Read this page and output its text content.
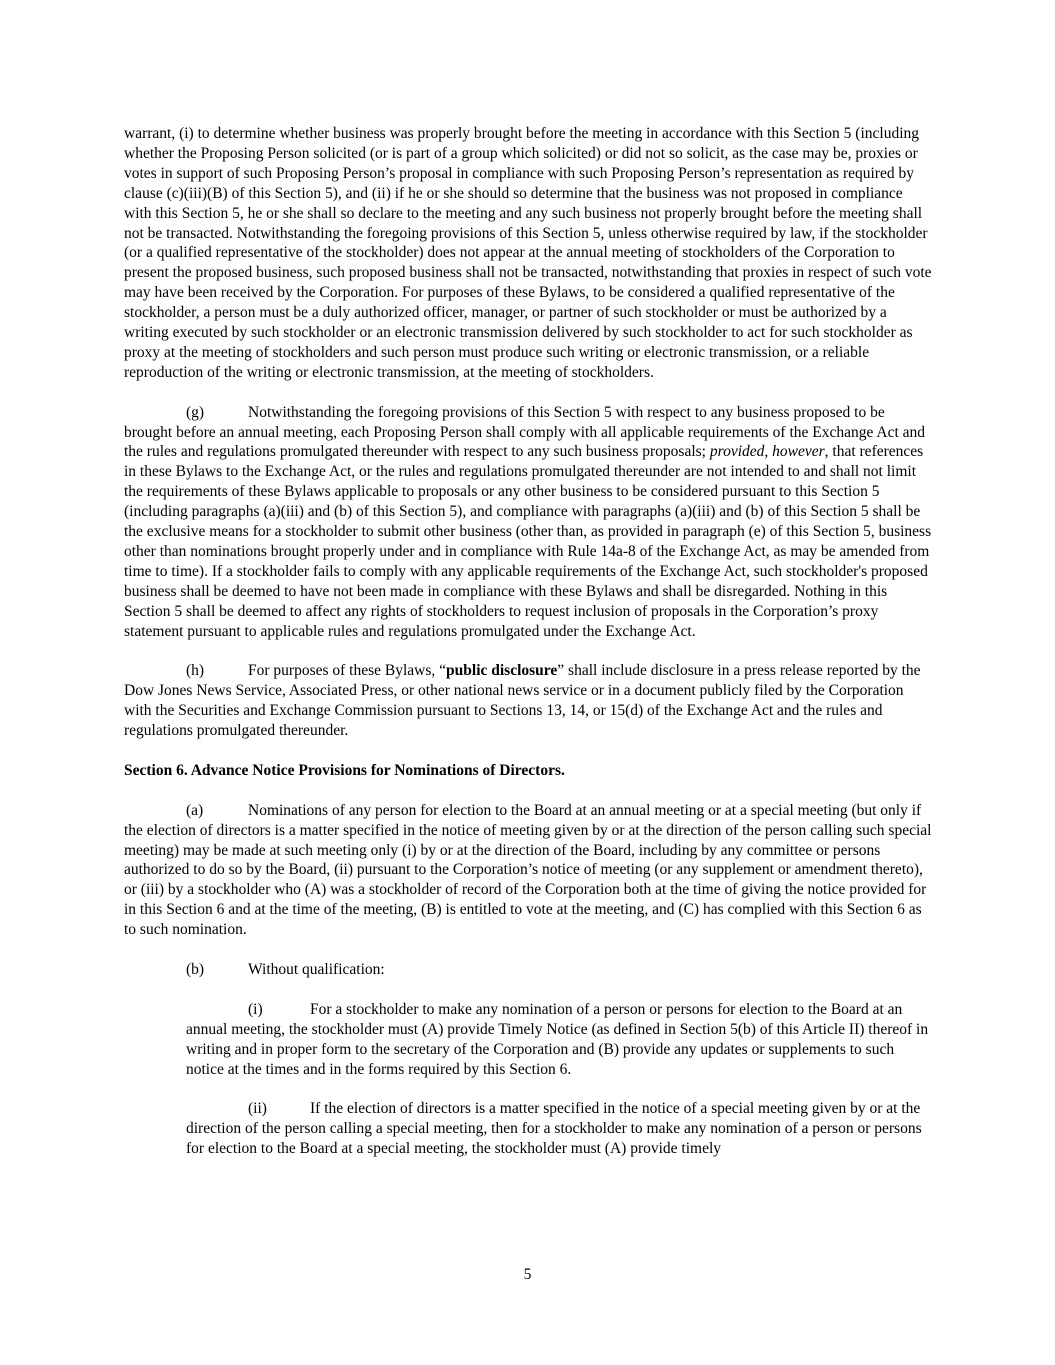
warrant, (i) to determine whether business was properly brought before the meeting in accordance with this Section 5 (including whether the Proposing Person solicited (or is part of a group which solicited) or did not so solicit, as the case may be, proxies or votes in support of such Proposing Person’s proposal in compliance with such Proposing Person’s representation as required by clause (c)(iii)(B) of this Section 5), and (ii) if he or she should so determine that the business was not proposed in compliance with this Section 5, he or she shall so declare to the meeting and any such business not properly brought before the meeting shall not be transacted. Notwithstanding the foregoing provisions of this Section 5, unless otherwise required by law, if the stockholder (or a qualified representative of the stockholder) does not appear at the annual meeting of stockholders of the Corporation to present the proposed business, such proposed business shall not be transacted, notwithstanding that proxies in respect of such vote may have been received by the Corporation. For purposes of these Bylaws, to be considered a qualified representative of the stockholder, a person must be a duly authorized officer, manager, or partner of such stockholder or must be authorized by a writing executed by such stockholder or an electronic transmission delivered by such stockholder to act for such stockholder as proxy at the meeting of stockholders and such person must produce such writing or electronic transmission, or a reliable reproduction of the writing or electronic transmission, at the meeting of stockholders.

(g)	Notwithstanding the foregoing provisions of this Section 5 with respect to any business proposed to be brought before an annual meeting, each Proposing Person shall comply with all applicable requirements of the Exchange Act and the rules and regulations promulgated thereunder with respect to any such business proposals; provided, however, that references in these Bylaws to the Exchange Act, or the rules and regulations promulgated thereunder are not intended to and shall not limit the requirements of these Bylaws applicable to proposals or any other business to be considered pursuant to this Section 5 (including paragraphs (a)(iii) and (b) of this Section 5), and compliance with paragraphs (a)(iii) and (b) of this Section 5 shall be the exclusive means for a stockholder to submit other business (other than, as provided in paragraph (e) of this Section 5, business other than nominations brought properly under and in compliance with Rule 14a-8 of the Exchange Act, as may be amended from time to time). If a stockholder fails to comply with any applicable requirements of the Exchange Act, such stockholder's proposed business shall be deemed to have not been made in compliance with these Bylaws and shall be disregarded. Nothing in this Section 5 shall be deemed to affect any rights of stockholders to request inclusion of proposals in the Corporation’s proxy statement pursuant to applicable rules and regulations promulgated under the Exchange Act.

(h)	For purposes of these Bylaws, “public disclosure” shall include disclosure in a press release reported by the Dow Jones News Service, Associated Press, or other national news service or in a document publicly filed by the Corporation with the Securities and Exchange Commission pursuant to Sections 13, 14, or 15(d) of the Exchange Act and the rules and regulations promulgated thereunder.

Section 6. Advance Notice Provisions for Nominations of Directors.

(a)	Nominations of any person for election to the Board at an annual meeting or at a special meeting (but only if the election of directors is a matter specified in the notice of meeting given by or at the direction of the person calling such special meeting) may be made at such meeting only (i) by or at the direction of the Board, including by any committee or persons authorized to do so by the Board, (ii) pursuant to the Corporation’s notice of meeting (or any supplement or amendment thereto), or (iii) by a stockholder who (A) was a stockholder of record of the Corporation both at the time of giving the notice provided for in this Section 6 and at the time of the meeting, (B) is entitled to vote at the meeting, and (C) has complied with this Section 6 as to such nomination.

(b)	Without qualification:

(i)	For a stockholder to make any nomination of a person or persons for election to the Board at an annual meeting, the stockholder must (A) provide Timely Notice (as defined in Section 5(b) of this Article II) thereof in writing and in proper form to the secretary of the Corporation and (B) provide any updates or supplements to such notice at the times and in the forms required by this Section 6.

(ii)	If the election of directors is a matter specified in the notice of a special meeting given by or at the direction of the person calling a special meeting, then for a stockholder to make any nomination of a person or persons for election to the Board at a special meeting, the stockholder must (A) provide timely

5
